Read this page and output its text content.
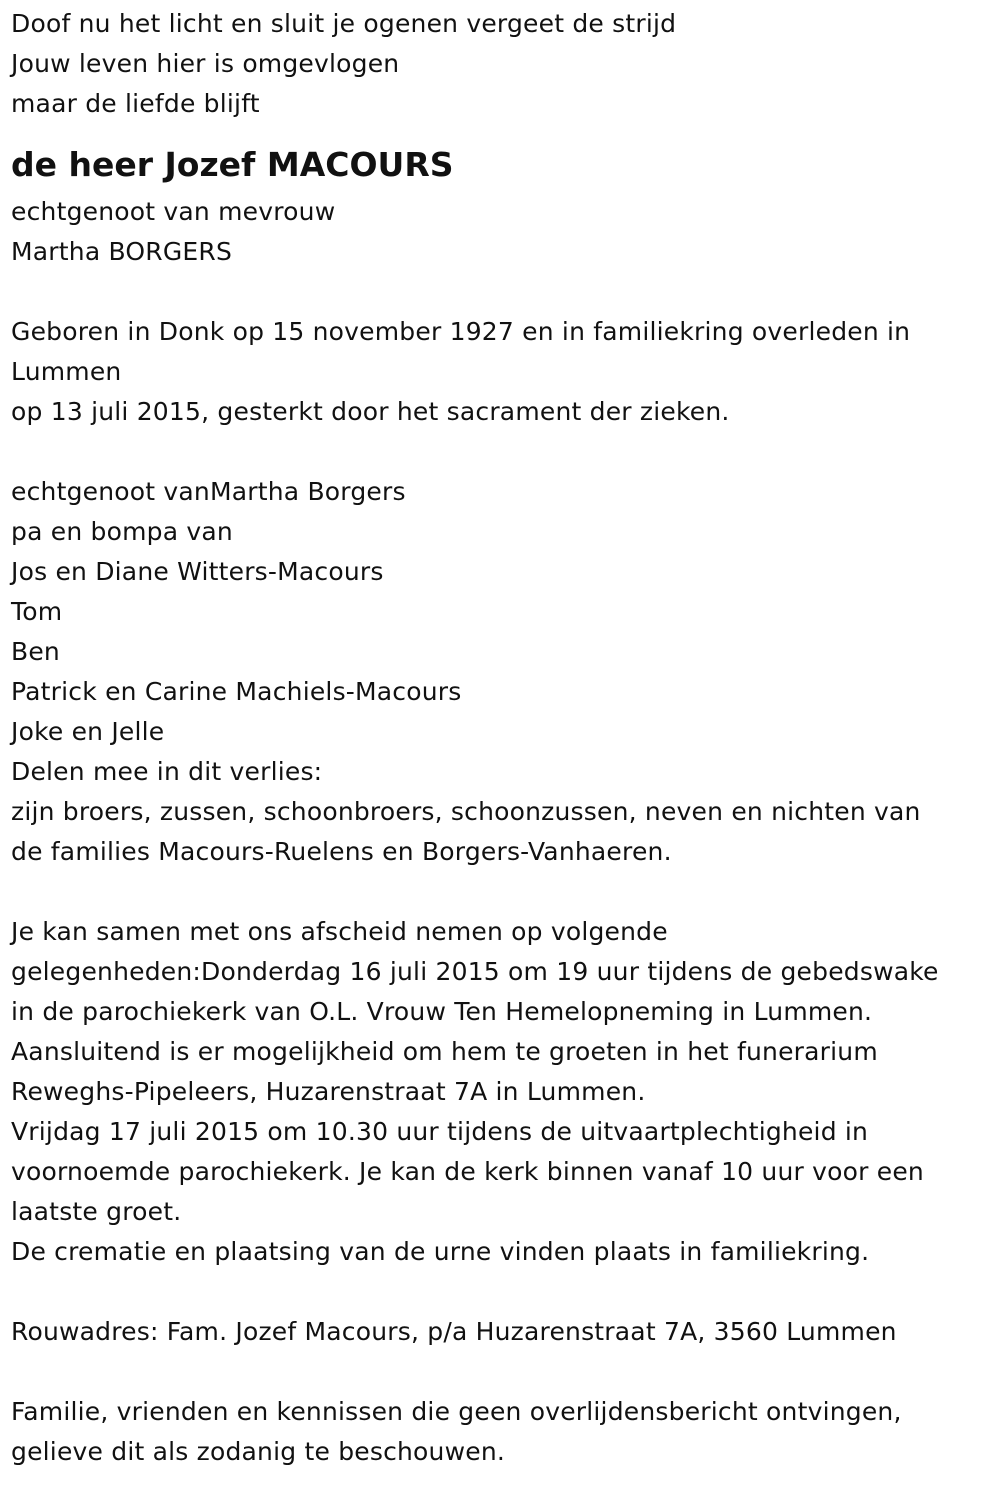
Doof nu het licht en sluit je ogenen vergeet de strijd
Jouw leven hier is omgevlogen
maar de liefde blijft
de heer Jozef MACOURS
echtgenoot van mevrouw
Martha BORGERS
Geboren in Donk op 15 november 1927 en in familiekring overleden in
Lummen
op 13 juli 2015, gesterkt door het sacrament der zieken.
echtgenoot vanMartha Borgers
pa en bompa van
Jos en Diane Witters-Macours
Tom
Ben
Patrick en Carine Machiels-Macours
Joke en Jelle
Delen mee in dit verlies:
zijn broers, zussen, schoonbroers, schoonzussen, neven en nichten van
de families Macours-Ruelens en Borgers-Vanhaeren.
Je kan samen met ons afscheid nemen op volgende
gelegenheden:Donderdag 16 juli 2015 om 19 uur tijdens de gebedswake
in de parochiekerk van O.L. Vrouw Ten Hemelopneming in Lummen.
Aansluitend is er mogelijkheid om hem te groeten in het funerarium
Reweghs-Pipeleers, Huzarenstraat 7A in Lummen.
Vrijdag 17 juli 2015 om 10.30 uur tijdens de uitvaartplechtigheid in
voornoemde parochiekerk. Je kan de kerk binnen vanaf 10 uur voor een
laatste groet.
De crematie en plaatsing van de urne vinden plaats in familiekring.
Rouwadres: Fam. Jozef Macours, p/a Huzarenstraat 7A, 3560 Lummen
Familie, vrienden en kennissen die geen overlijdensbericht ontvingen,
gelieve dit als zodanig te beschouwen.
